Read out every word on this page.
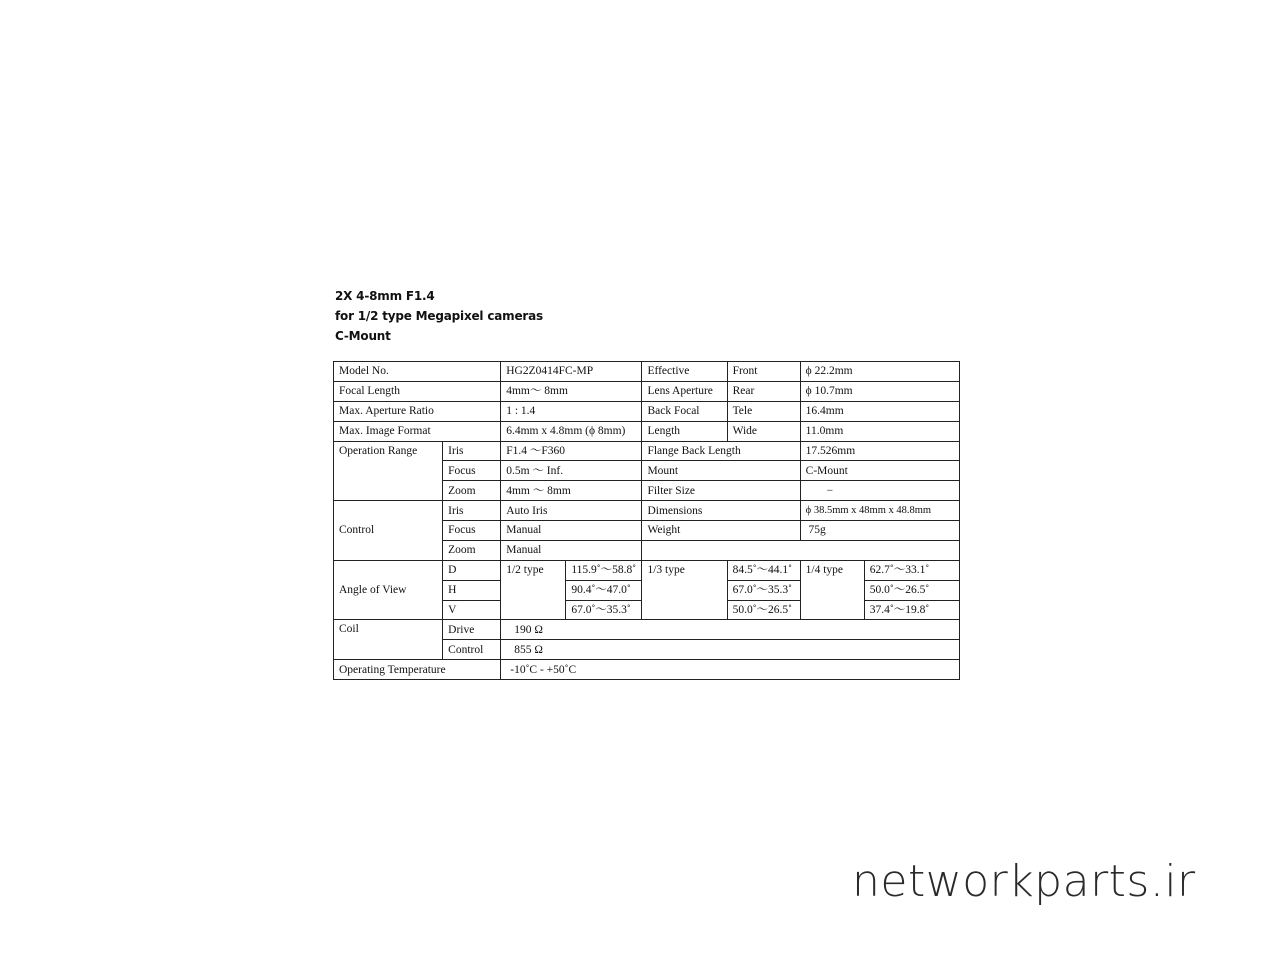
2X 4-8mm F1.4
for 1/2 type Megapixel cameras
C-Mount
Model No.		HG2Z0414FC-MP		Effective	Front	ϕ 22.2mm	
Focal Length		4mm～ 8mm		Lens Aperture	Rear	ϕ 10.7mm	
Max. Aperture Ratio		1 : 1.4		Back Focal	Tele	16.4mm	
Max. Image Format		6.4mm x 4.8mm (ϕ 8mm)		Length	Wide	11.0mm	
Operation Range	Iris	F1.4 ～F360		Flange Back Length		17.526mm	
	Focus	0.5m ～ Inf.		Mount		C-Mount	
	Zoom	4mm ～ 8mm		Filter Size		−	
Control	Iris	Auto Iris		Dimensions		ϕ 38.5mm x 48mm x 48.8mm	
	Focus	Manual		Weight		75g	
	Zoom	Manual					
Angle of View	D	1/2 type	115.9˚～58.8˚	1/3 type	84.5˚～44.1˚	1/4 type	62.7˚～33.1˚
	H		90.4˚～47.0˚		67.0˚～35.3˚		50.0˚～26.5˚
	V		67.0˚～35.3˚		50.0˚～26.5˚		37.4˚～19.8˚
Coil	Drive	190 Ω					
	Control	855 Ω					
Operating Temperature		-10˚C - +50˚C					
networkparts.ir
